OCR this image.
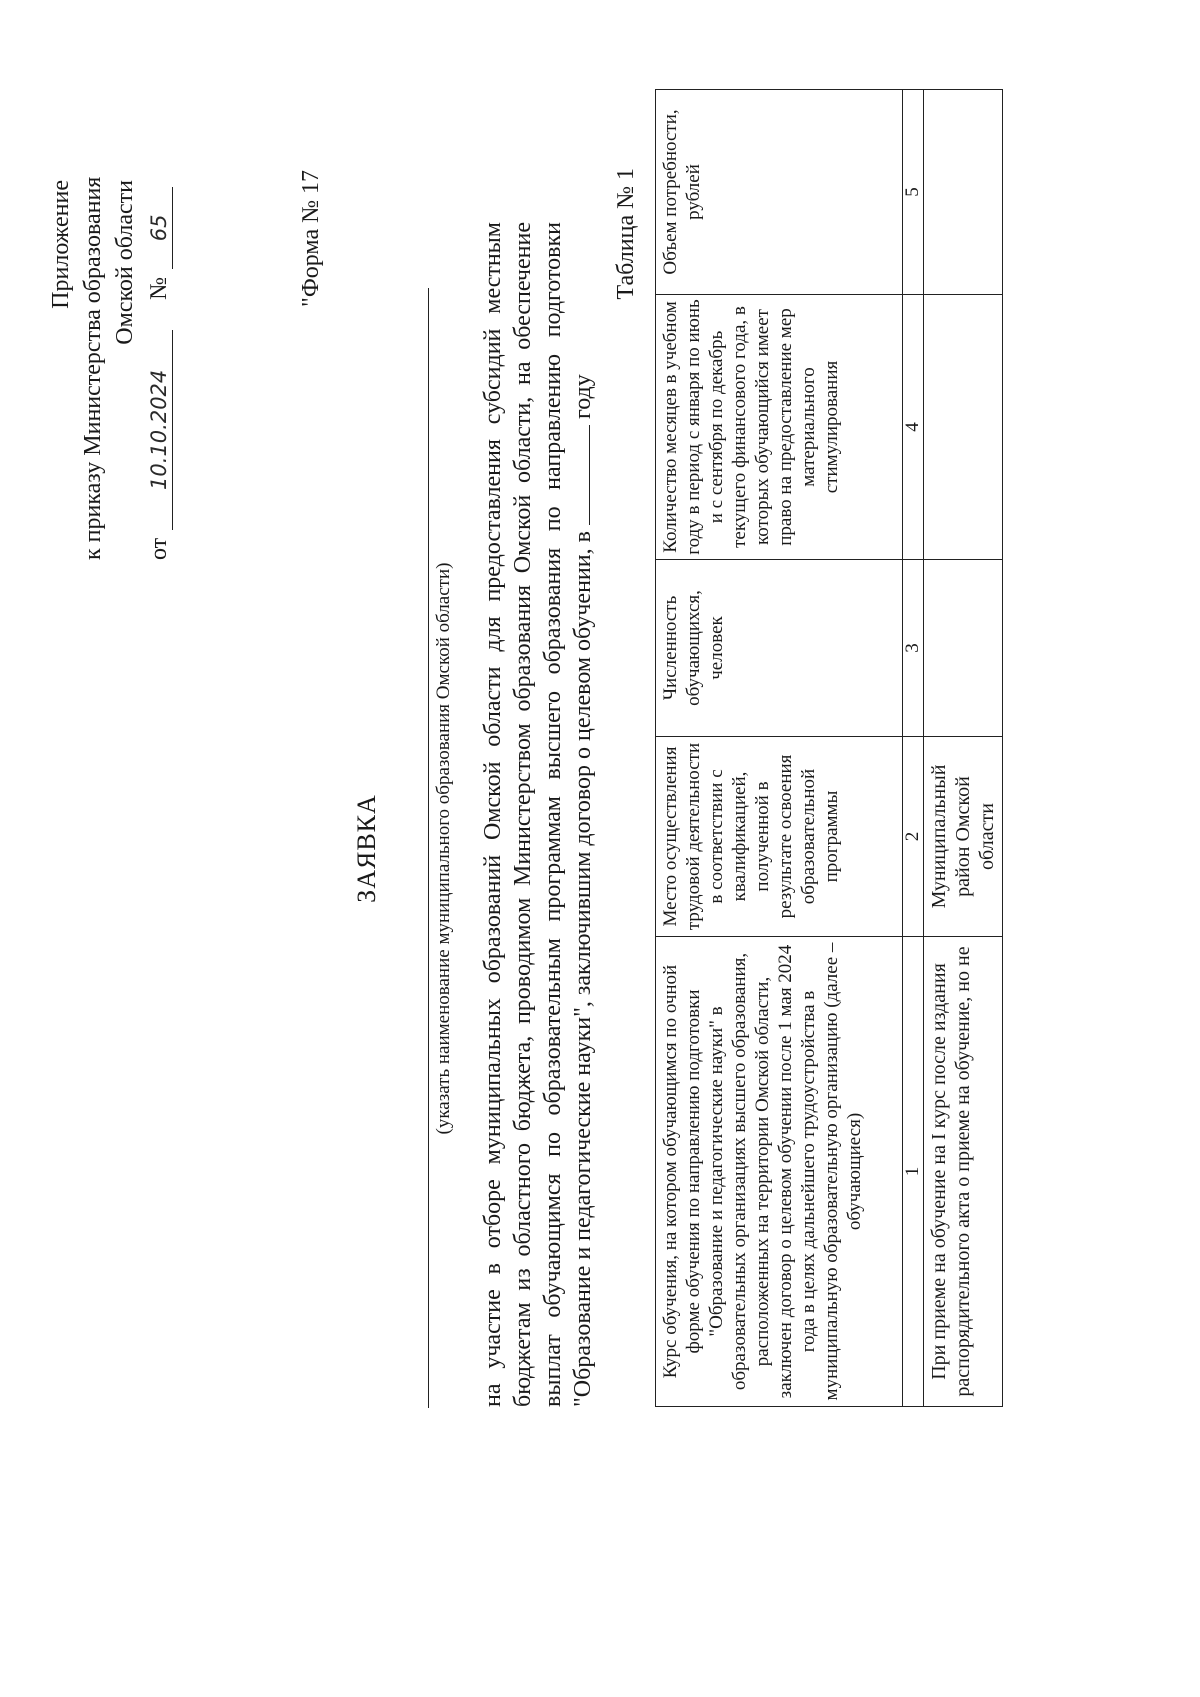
Приложение к приказу Министерства образования Омской области
от10.10.2024№65	"Форма № 17
ЗАЯВКА	(указать наименование муниципального образования Омской области) на участие в отборе муниципальных образований Омской области для предоставления субсидий местным бюджетам из областного бюджета, проводимом Министерством образования Омской области, на обеспечение выплат обучающимся по образовательным программам высшего образования по направлению подготовки "Образование и педагогические науки", заключившим договор о целевом обучении, в  году
Таблица № 1
Курс обучения, на котором обучающимся по очной форме обучения по направлению подготовки "Образование и педагогические науки" в образовательных организациях высшего образования, расположенных на территории Омской области, заключен договор о целевом обучении после 1 мая 2024 года в целях дальнейшего трудоустройства в муниципальную образовательную организацию (далее – обучающиеся)	Место осуществления трудовой деятельности в соответствии с квалификацией, полученной в результате освоения образовательной программы	Численность обучающихся, человек	Количество месяцев в учебном году в период с января по июнь и с сентября по декабрь текущего финансового года, в которых обучающийся имеет право на предоставление мер материального стимулирования	Объем потребности, рублей
1	2	3	4	5
При приеме на обучение на I курс после издания распорядительного акта о приеме на обучение, но не	Муниципальный район Омской области			
